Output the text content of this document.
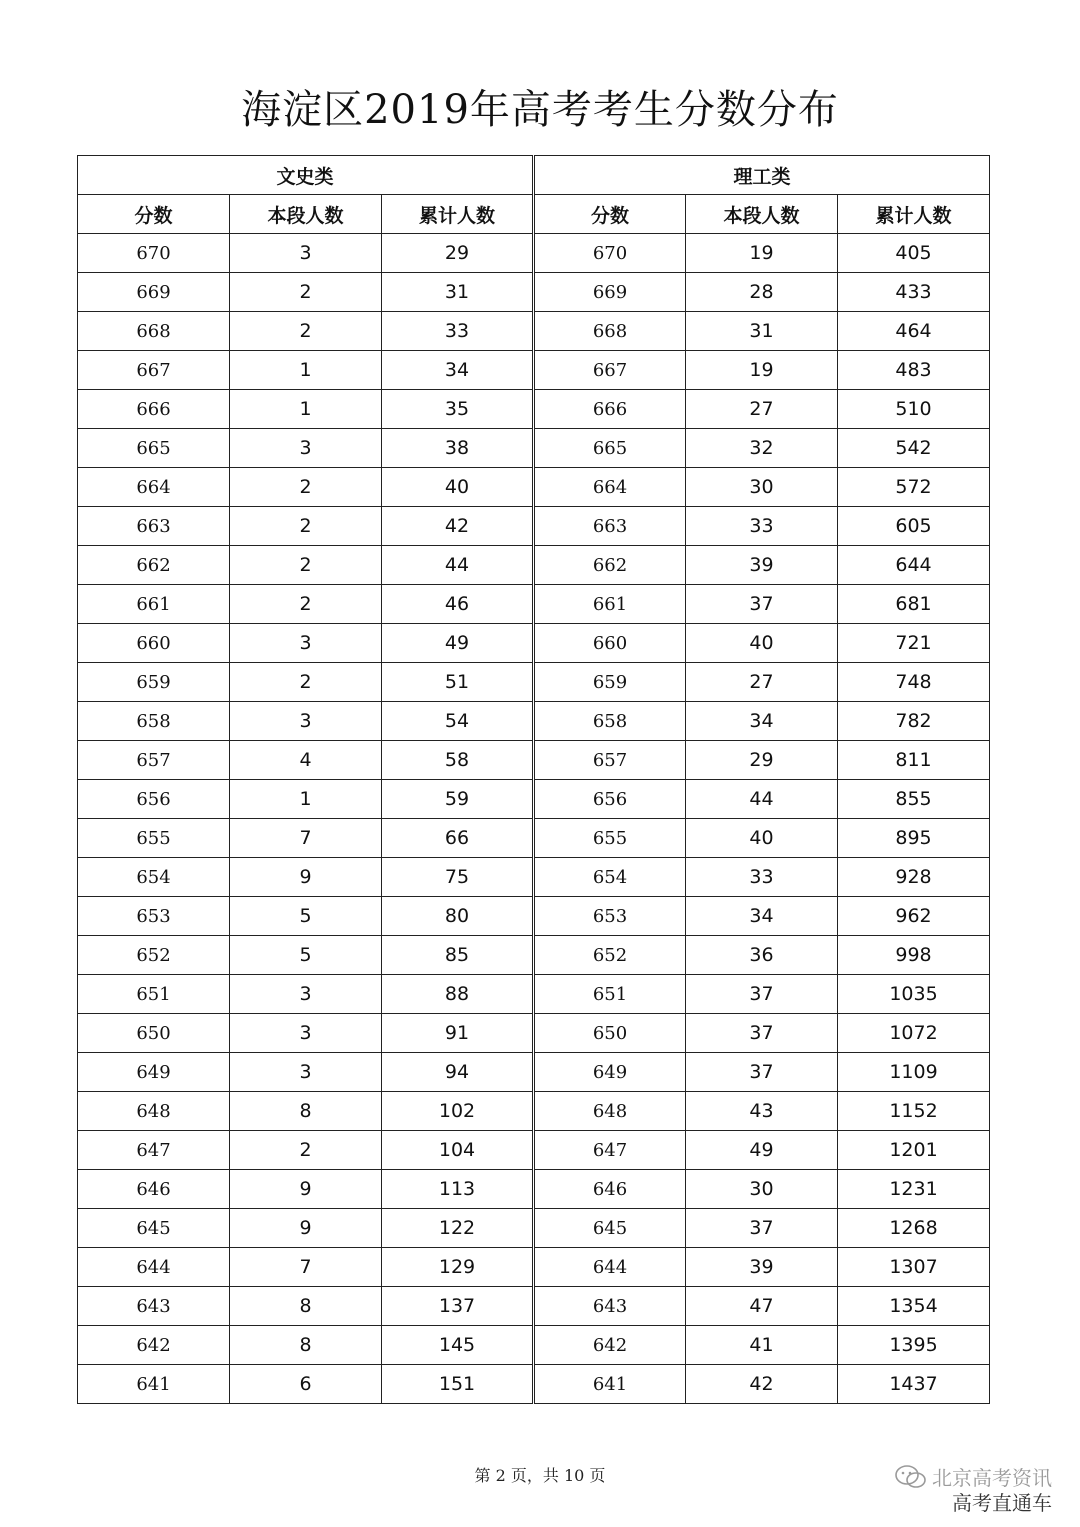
海淀区2019年高考考生分数分布
文史类			理工类		
分数	本段人数	累计人数	分数	本段人数	累计人数
670	3	29	670	19	405
669	2	31	669	28	433
668	2	33	668	31	464
667	1	34	667	19	483
666	1	35	666	27	510
665	3	38	665	32	542
664	2	40	664	30	572
663	2	42	663	33	605
662	2	44	662	39	644
661	2	46	661	37	681
660	3	49	660	40	721
659	2	51	659	27	748
658	3	54	658	34	782
657	4	58	657	29	811
656	1	59	656	44	855
655	7	66	655	40	895
654	9	75	654	33	928
653	5	80	653	34	962
652	5	85	652	36	998
651	3	88	651	37	1035
650	3	91	650	37	1072
649	3	94	649	37	1109
648	8	102	648	43	1152
647	2	104	647	49	1201
646	9	113	646	30	1231
645	9	122	645	37	1268
644	7	129	644	39	1307
643	8	137	643	47	1354
642	8	145	642	41	1395
641	6	151	641	42	1437
第 2 页，共 10 页	北京高考资讯
高考直通车
